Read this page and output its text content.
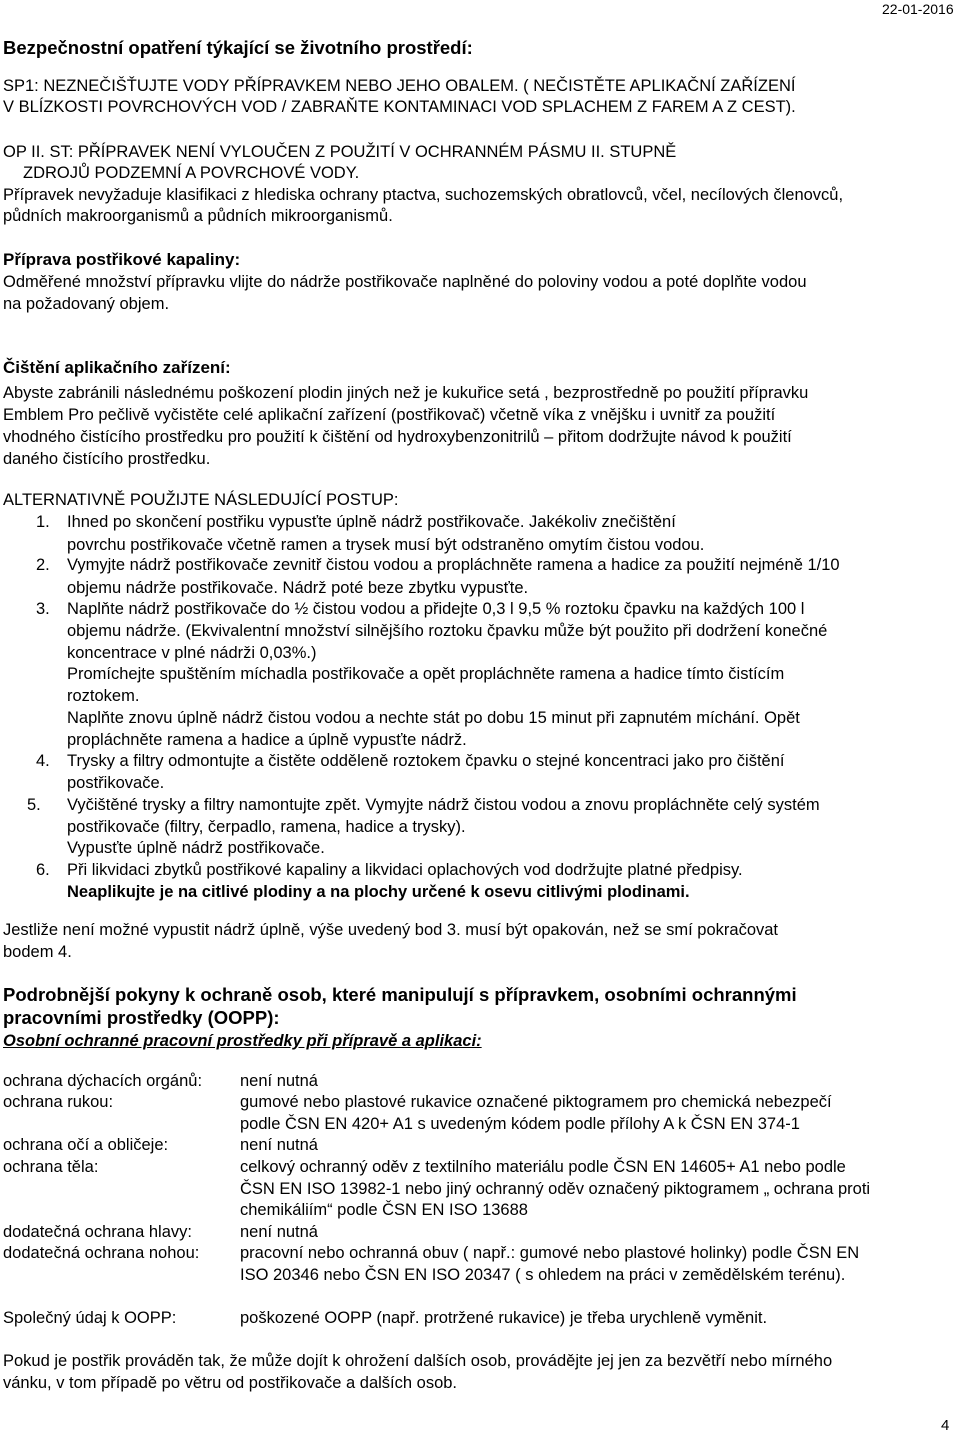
22-01-2016
Bezpečnostní opatření týkající se životního prostředí:
SP1: NEZNEČIŠŤUJTE VODY PŘÍPRAVKEM NEBO JEHO OBALEM. ( NEČISTĚTE APLIKAČNÍ ZAŘÍZENÍ
V BLÍZKOSTI POVRCHOVÝCH VOD / ZABRAŇTE KONTAMINACI VOD SPLACHEM Z FAREM A Z CEST).
OP II. ST: PŘÍPRAVEK NENÍ VYLOUČEN Z POUŽITÍ V OCHRANNÉM PÁSMU II. STUPNĚ
ZDROJŮ PODZEMNÍ A POVRCHOVÉ VODY.
Přípravek nevyžaduje klasifikaci z hlediska ochrany ptactva, suchozemských obratlovců, včel, necílových členovců,
půdních makroorganismů a půdních mikroorganismů.
Příprava postřikové kapaliny:
Odměřené množství přípravku vlijte do nádrže postřikovače naplněné do poloviny vodou a poté doplňte vodou
na požadovaný objem.
Čištění aplikačního zařízení:
Abyste zabránili následnému poškození plodin jiných než je kukuřice setá , bezprostředně po použití přípravku
Emblem Pro pečlivě vyčistěte celé aplikační zařízení (postřikovač) včetně víka z vnějšku i uvnitř za použití
vhodného čistícího prostředku pro použití k čištění od hydroxybenzonitrilů – přitom dodržujte návod k použití
daného čistícího prostředku.
ALTERNATIVNĚ POUŽIJTE NÁSLEDUJÍCÍ POSTUP:
1. Ihned po skončení postřiku vypusťte úplně nádrž postřikovače. Jakékoliv znečištění
povrchu postřikovače včetně ramen a trysek musí být odstraněno omytím čistou vodou.
2. Vymyjte nádrž postřikovače zevnitř čistou vodou a propláchněte ramena a hadice za použití nejméně 1/10
objemu nádrže postřikovače. Nádrž poté beze zbytku vypusťte.
3. Naplňte nádrž postřikovače do ½ čistou vodou a přidejte 0,3 l 9,5 % roztoku čpavku na každých 100 l
objemu nádrže. (Ekvivalentní množství silnějšího roztoku čpavku může být použito při dodržení konečné
koncentrace v plné nádrži 0,03%.)
Promíchejte spuštěním míchadla postřikovače a opět propláchněte ramena a hadice tímto čistícím
roztokem.
Naplňte znovu úplně nádrž čistou vodou a nechte stát po dobu 15 minut při zapnutém míchání. Opět
propláchněte ramena a hadice a úplně vypusťte nádrž.
4. Trysky a filtry odmontujte a čistěte odděleně roztokem čpavku o stejné koncentraci jako pro čištění
postřikovače.
5. Vyčištěné trysky a filtry namontujte zpět. Vymyjte nádrž čistou vodou a znovu propláchněte celý systém
postřikovače (filtry, čerpadlo, ramena, hadice a trysky).
Vypusťte úplně nádrž postřikovače.
6. Při likvidaci zbytků postřikové kapaliny a likvidaci oplachových vod dodržujte platné předpisy.
Neaplikujte je na citlivé plodiny a na plochy určené k osevu citlivými plodinami.
Jestliže není možné vypustit nádrž úplně, výše uvedený bod 3. musí být opakován, než se smí pokračovat
bodem 4.
Podrobnější pokyny k ochraně osob, které manipulují s přípravkem, osobními ochrannými
pracovními prostředky (OOPP):
Osobní ochranné pracovní prostředky při přípravě a aplikaci:
ochrana dýchacích orgánů: není nutná
ochrana rukou:	gumové nebo plastové rukavice označené piktogramem pro chemická nebezpečí
podle ČSN EN 420+ A1 s uvedeným kódem podle přílohy A k ČSN EN 374-1
ochrana očí a obličeje:	není nutná
ochrana těla:	celkový ochranný oděv z textilního materiálu podle ČSN EN 14605+ A1 nebo podle
ČSN EN ISO 13982-1 nebo jiný ochranný oděv označený piktogramem „ ochrana proti
chemikáliím“ podle ČSN EN ISO 13688
dodatečná ochrana hlavy:	není nutná
dodatečná ochrana nohou: pracovní nebo ochranná obuv ( např.: gumové nebo plastové holinky) podle ČSN EN
ISO 20346 nebo ČSN EN ISO 20347 ( s ohledem na práci v zemědělském terénu).
Společný údaj k OOPP:	poškozené OOPP (např. protržené rukavice) je třeba urychleně vyměnit.
Pokud je postřik prováděn tak, že může dojít k ohrožení dalších osob, provádějte jej jen za bezvětří nebo mírného
vánku, v tom případě po větru od postřikovače a dalších osob.
4
